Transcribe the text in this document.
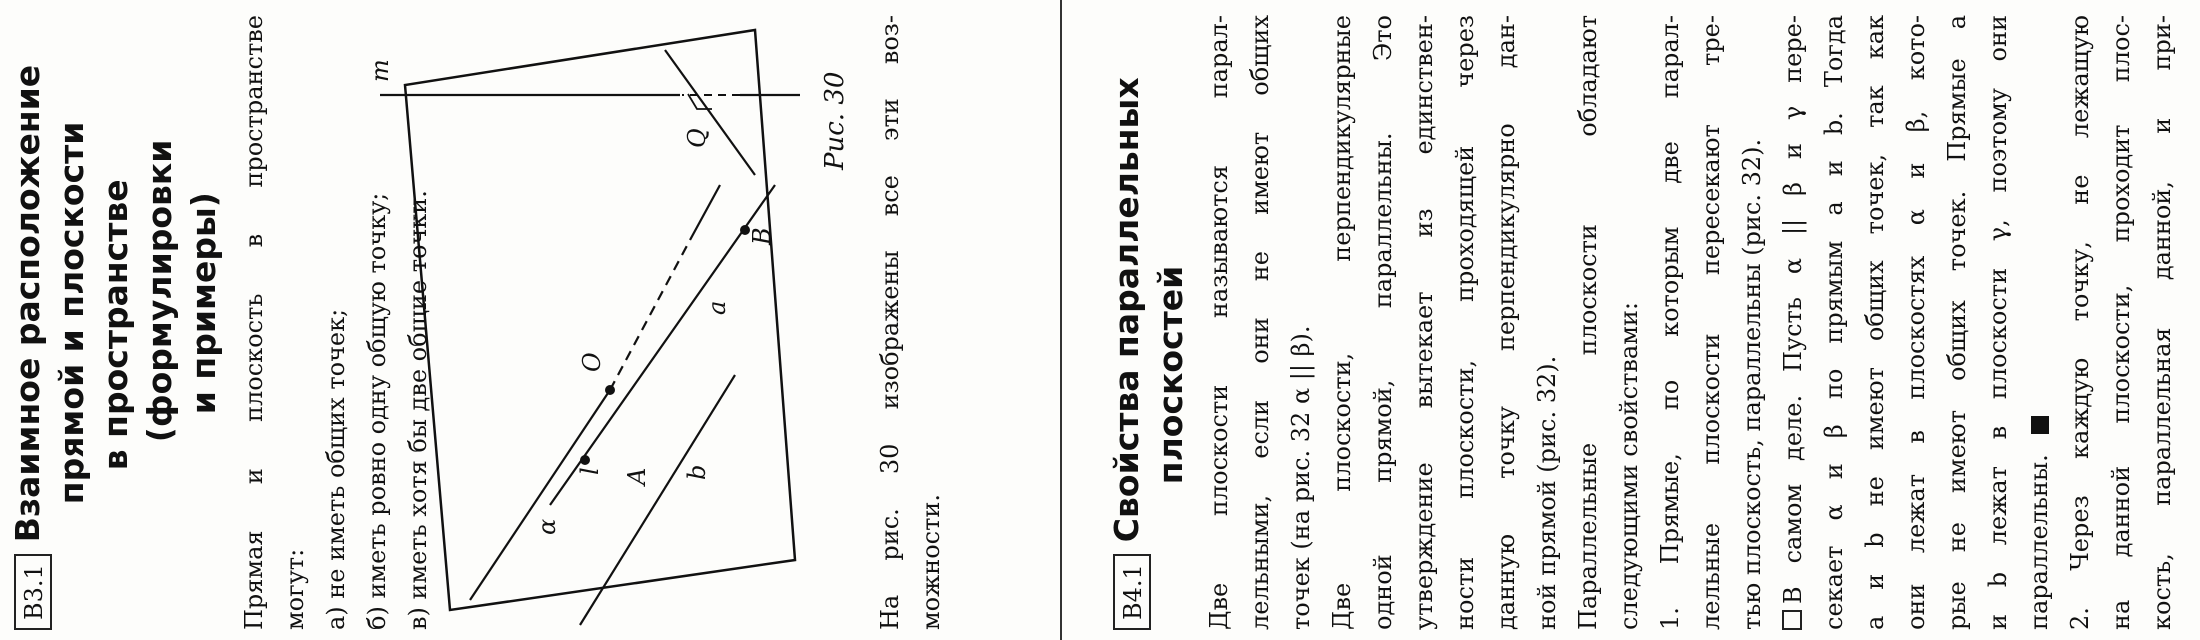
B3.1
Взаимное расположение прямой и плоскости в пространстве (формулировки и примеры) Прямая и плоскость в пространстве могут: а) не иметь общих точек; б) иметь ровно одну общую точку; в) иметь хотя бы две общие точки.
m
Q
B
a
O
l	b
A
α
Рис. 30 На рис. 30 изображены все эти воз- можности.	B4.1
Свойства параллельных плоскостей Две плоскости называются парал- лельными, если они не имеют общих точек (на рис. 32 α || β). Две плоскости, перпендикулярные одной прямой, параллельны. Это утверждение вытекает из единствен- ности плоскости, проходящей через данную точку перпендикулярно дан- ной прямой (рис. 32). Параллельные плоскости обладают следующими свойствами: 1. Прямые, по которым две парал- лельные плоскости пересекают тре- тью плоскость, параллельны (рис. 32). В самом деле. Пусть α || β и γ пере- секает α и β по прямым a и b. Тогда a и b не имеют общих точек, так как они лежат в плоскостях α и β, кото- рые не имеют общих точек. Прямые a и b лежат в плоскости γ, поэтому они параллельны. 2. Через каждую точку, не лежащую на данной плоскости, проходит плос- кость, параллельная данной, и при-
